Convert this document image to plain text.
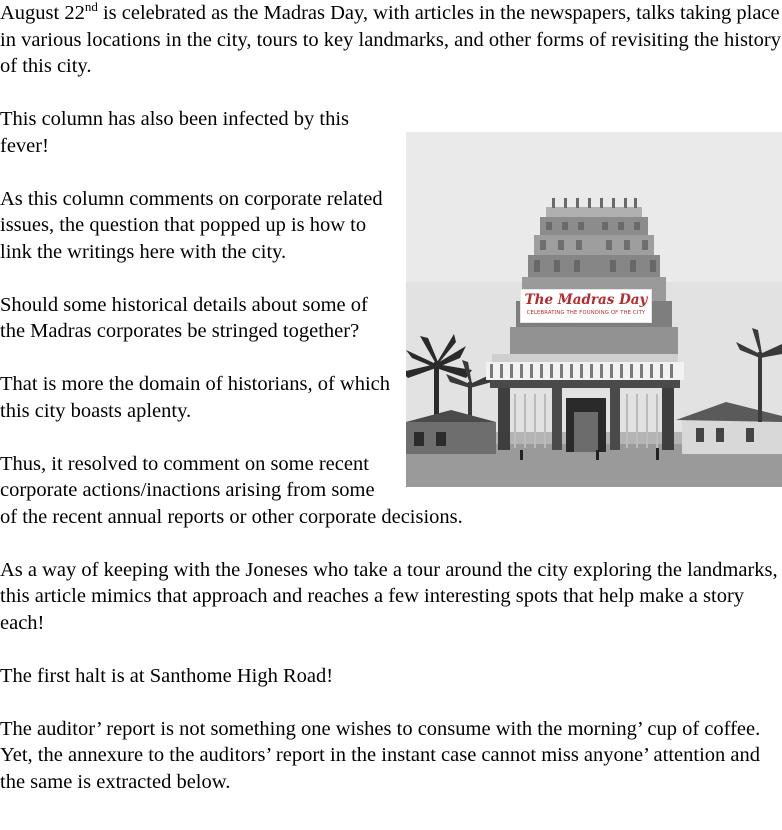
August 22nd is celebrated as the Madras Day, with articles in the newspapers, talks taking place in various locations in the city, tours to key landmarks, and other forms of revisiting the history of this city.

The Madras Day
CELEBRATING THE FOUNDING OF THE CITY

This column has also been infected by this fever!

As this column comments on corporate related issues, the question that popped up is how to link the writings here with the city.

Should some historical details about some of the Madras corporates be stringed together?

That is more the domain of historians, of which this city boasts aplenty.

Thus, it resolved to comment on some recent corporate actions/inactions arising from some of the recent annual reports or other corporate decisions.

As a way of keeping with the Joneses who take a tour around the city exploring the landmarks, this article mimics that approach and reaches a few interesting spots that help make a story each!

The first halt is at Santhome High Road!

The auditor’ report is not something one wishes to consume with the morning’ cup of coffee. Yet, the annexure to the auditors’ report in the instant case cannot miss anyone’ attention and the same is extracted below.
